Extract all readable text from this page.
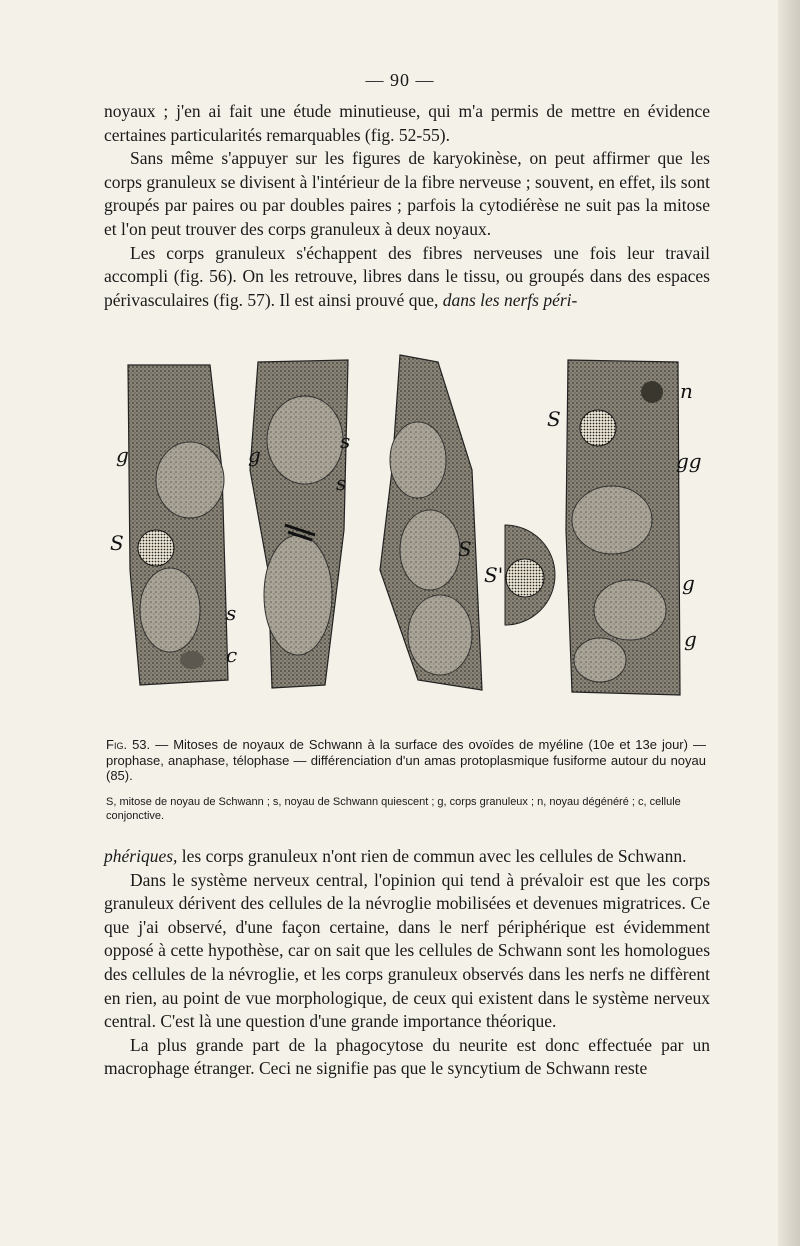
— 90 —

noyaux ; j'en ai fait une étude minutieuse, qui m'a permis de mettre en évidence certaines particularités remarquables (fig. 52-55).

Sans même s'appuyer sur les figures de karyokinèse, on peut affirmer que les corps granuleux se divisent à l'intérieur de la fibre nerveuse ; souvent, en effet, ils sont groupés par paires ou par doubles paires ; parfois la cytodiérèse ne suit pas la mitose et l'on peut trouver des corps granuleux à deux noyaux.

Les corps granuleux s'échappent des fibres nerveuses une fois leur travail accompli (fig. 56). On les retrouve, libres dans le tissu, ou groupés dans des espaces périvasculaires (fig. 57). Il est ainsi prouvé que, dans les nerfs péri-

g
S
s
c
g
s
s
S
S
S'
n
gg
g
g

Fig. 53. — Mitoses de noyaux de Schwann à la surface des ovoïdes de myéline (10e et 13e jour) — prophase, anaphase, télophase — différenciation d'un amas protoplasmique fusiforme autour du noyau (85).

S, mitose de noyau de Schwann ; s, noyau de Schwann quiescent ; g, corps granuleux ; n, noyau dégénéré ; c, cellule conjonctive.

phériques, les corps granuleux n'ont rien de commun avec les cellules de Schwann.

Dans le système nerveux central, l'opinion qui tend à prévaloir est que les corps granuleux dérivent des cellules de la névroglie mobilisées et devenues migratrices. Ce que j'ai observé, d'une façon certaine, dans le nerf périphérique est évidemment opposé à cette hypothèse, car on sait que les cellules de Schwann sont les homologues des cellules de la névroglie, et les corps granuleux observés dans les nerfs ne diffèrent en rien, au point de vue morphologique, de ceux qui existent dans le système nerveux central. C'est là une question d'une grande importance théorique.

La plus grande part de la phagocytose du neurite est donc effectuée par un macrophage étranger. Ceci ne signifie pas que le syncytium de Schwann reste
